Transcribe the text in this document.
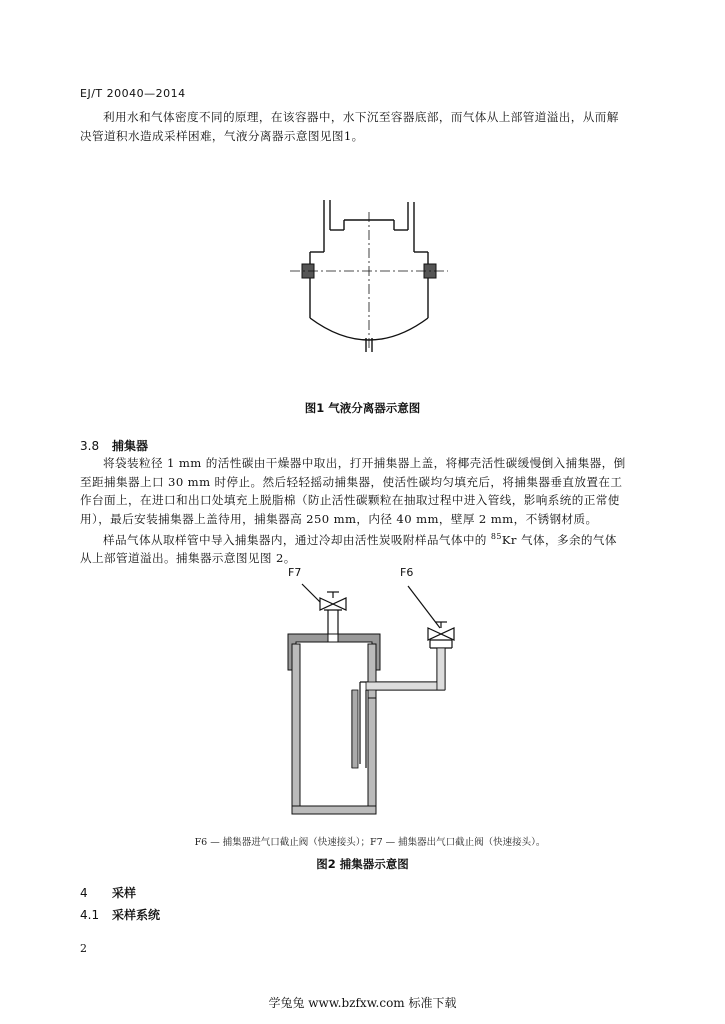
EJ/T 20040—2014
利用水和气体密度不同的原理，在该容器中，水下沉至容器底部，而气体从上部管道溢出，从而解
决管道积水造成采样困难，气液分离器示意图见图1。
图1 气液分离器示意图
3.8 捕集器
将袋装粒径 1 mm 的活性碳由干燥器中取出，打开捕集器上盖，将椰壳活性碳缓慢倒入捕集器，倒
至距捕集器上口 30 mm 时停止。然后轻轻摇动捕集器，使活性碳均匀填充后，将捕集器垂直放置在工
作台面上，在进口和出口处填充上脱脂棉（防止活性碳颗粒在抽取过程中进入管线，影响系统的正常使
用），最后安装捕集器上盖待用，捕集器高 250 mm，内径 40 mm，壁厚 2 mm，不锈钢材质。
样品气体从取样管中导入捕集器内，通过冷却由活性炭吸附样品气体中的 $^{85}$Kr 气体，多余的气体
从上部管道溢出。捕集器示意图见图 2。
F7	F6
F6 — 捕集器进气口截止阀（快速接头）；F7 — 捕集器出气口截止阀（快速接头）。
图2 捕集器示意图
4 采样
4.1 采样系统
2
学兔兔 www.bzfxw.com 标准下载
